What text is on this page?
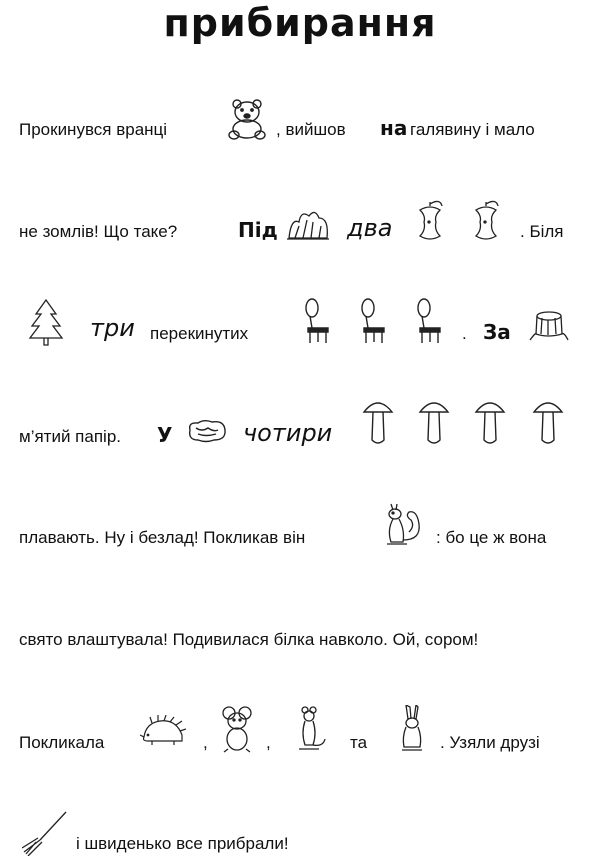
прибирання
Прокинувся вранці	, вийшов на галявину і мало
не зомлів! Що таке?	Під	два	. Біля
три перекинутих	. За
м’ятий папір. У	чотири
плавають. Ну і безлад! Покликав він	: бо це ж вона
свято влаштувала! Подивилася білка навколо. Ой, сором!
Покликала	,	,	та	. Узяли друзі
і швиденько все прибрали!
